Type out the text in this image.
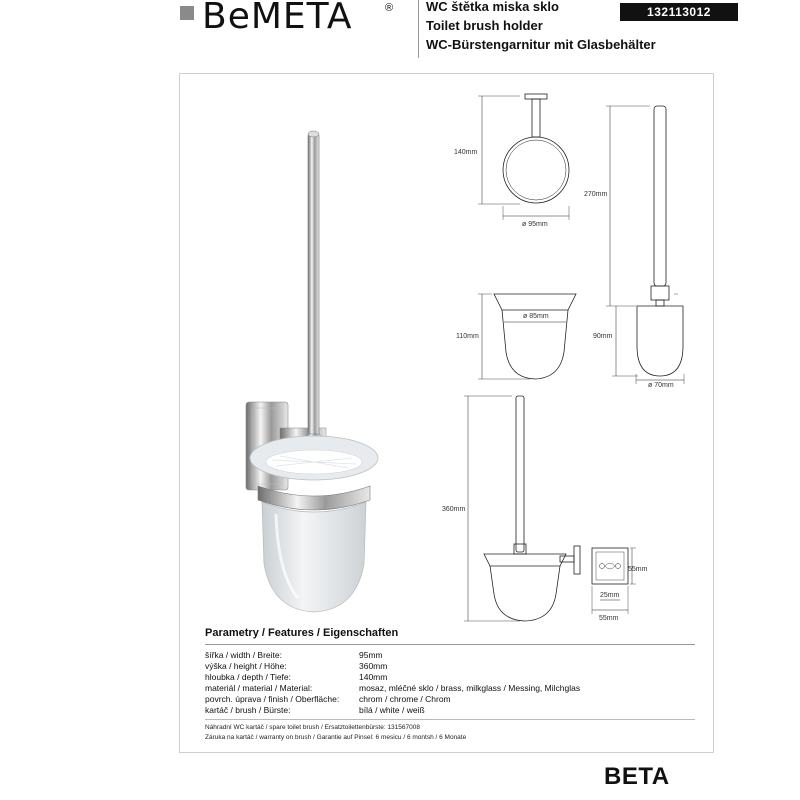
BeMETA	®	WC štětka miska sklo
Toilet brush holder
WC-Bürstengarnitur mit Glasbehälter
132113012
140mm
ø 95mm
110mm
ø 85mm
270mm
90mm
ø 70mm
360mm
55mm
25mm
55mm
Parametry / Features / Eigenschaften
šířka / width / Breite:	95mm
výška / height / Höhe:	360mm
hloubka / depth / Tiefe:	140mm
materiál / material / Material:	mosaz, mléčné sklo / brass, milkglass / Messing, Milchglas
povrch. úprava / finish / Oberfläche: chrom / chrome / Chrom
kartáč / brush / Bürste:	bílá / white / weiß
Náhradní WC kartáč / spare toilet brush / Ersatztoilettenbürste: 131567008
Záruka na kartáč / warranty on brush / Garantie auf Pinsel: 6 mesicu / 6 montsh / 6 Monate
BETA
